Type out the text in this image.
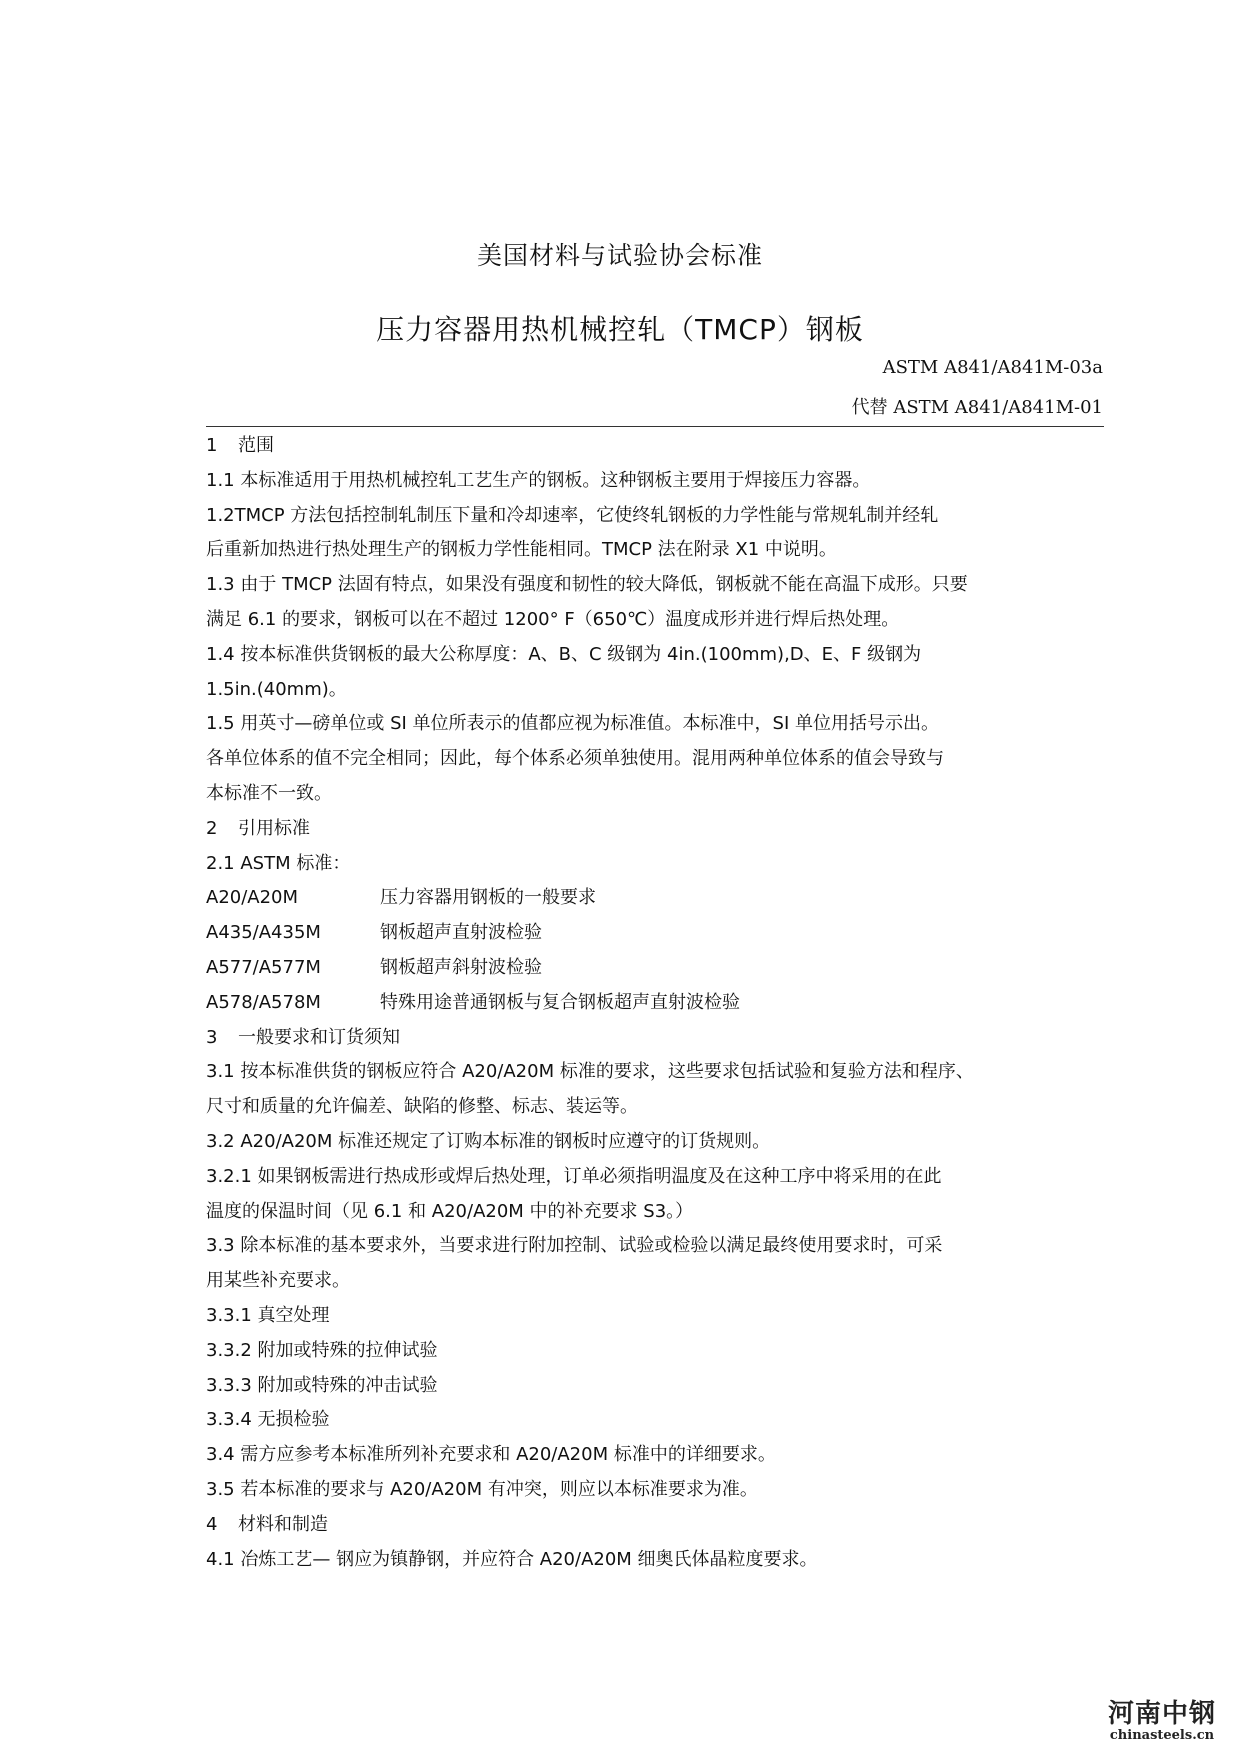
美国材料与试验协会标准
压力容器用热机械控轧（TMCP）钢板
ASTM A841/A841M-03a
代替 ASTM A841/A841M-01
1 范围
1.1 本标准适用于用热机械控轧工艺生产的钢板。这种钢板主要用于焊接压力容器。
1.2TMCP 方法包括控制轧制压下量和冷却速率，它使终轧钢板的力学性能与常规轧制并经轧
后重新加热进行热处理生产的钢板力学性能相同。TMCP 法在附录 X1 中说明。
1.3 由于 TMCP 法固有特点，如果没有强度和韧性的较大降低，钢板就不能在高温下成形。只要
满足 6.1 的要求，钢板可以在不超过 1200° F（650℃）温度成形并进行焊后热处理。
1.4 按本标准供货钢板的最大公称厚度：A、B、C 级钢为 4in.(100mm),D、E、F 级钢为
1.5in.(40mm)。
1.5 用英寸—磅单位或 SI 单位所表示的值都应视为标准值。本标准中，SI 单位用括号示出。
各单位体系的值不完全相同；因此，每个体系必须单独使用。混用两种单位体系的值会导致与
本标准不一致。
2 引用标准
2.1 ASTM 标准：
A20/A20M	压力容器用钢板的一般要求
A435/A435M	钢板超声直射波检验
A577/A577M	钢板超声斜射波检验
A578/A578M	特殊用途普通钢板与复合钢板超声直射波检验
3 一般要求和订货须知
3.1 按本标准供货的钢板应符合 A20/A20M 标准的要求，这些要求包括试验和复验方法和程序、
尺寸和质量的允许偏差、缺陷的修整、标志、装运等。
3.2 A20/A20M 标准还规定了订购本标准的钢板时应遵守的订货规则。
3.2.1 如果钢板需进行热成形或焊后热处理，订单必须指明温度及在这种工序中将采用的在此
温度的保温时间（见 6.1 和 A20/A20M 中的补充要求 S3。）
3.3 除本标准的基本要求外，当要求进行附加控制、试验或检验以满足最终使用要求时，可采
用某些补充要求。
3.3.1 真空处理
3.3.2 附加或特殊的拉伸试验
3.3.3 附加或特殊的冲击试验
3.3.4 无损检验
3.4 需方应参考本标准所列补充要求和 A20/A20M 标准中的详细要求。
3.5 若本标准的要求与 A20/A20M 有冲突，则应以本标准要求为准。
4 材料和制造
4.1 冶炼工艺— 钢应为镇静钢，并应符合 A20/A20M 细奥氏体晶粒度要求。
河南中钢
chinasteels.cn
